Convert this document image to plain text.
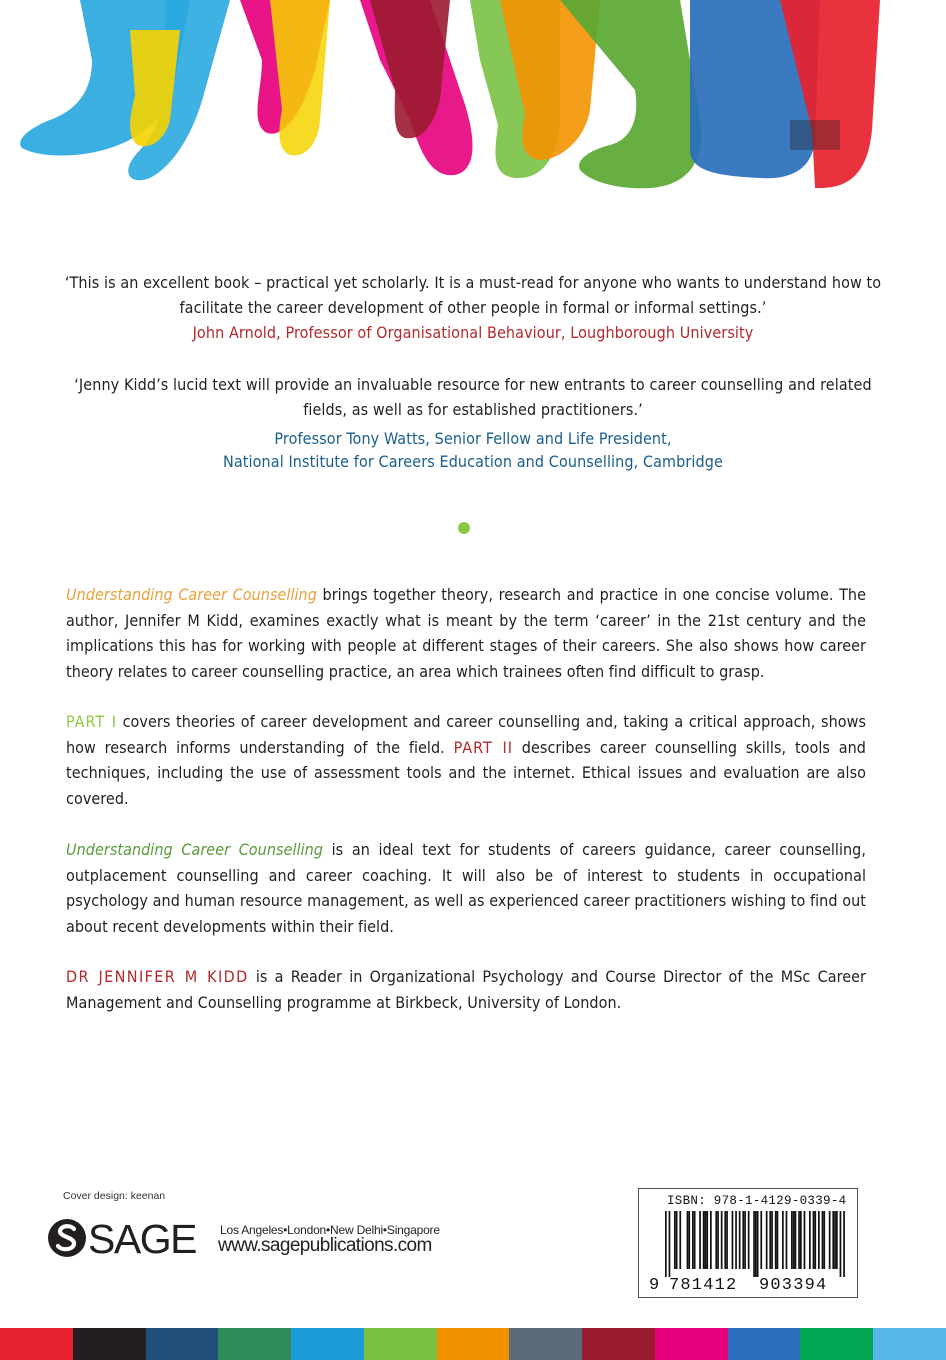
‘This is an excellent book – practical yet scholarly. It is a must-read for anyone who wants to understand how to facilitate the career development of other people in formal or informal settings.’
John Arnold, Professor of Organisational Behaviour, Loughborough University
‘Jenny Kidd’s lucid text will provide an invaluable resource for new entrants to career counselling and related fields, as well as for established practitioners.’
Professor Tony Watts, Senior Fellow and Life President,
National Institute for Careers Education and Counselling, Cambridge
Understanding Career Counselling brings together theory, research and practice in one concise volume. The author, Jennifer M Kidd, examines exactly what is meant by the term ‘career’ in the 21st century and the implications this has for working with people at different stages of their careers. She also shows how career theory relates to career counselling practice, an area which trainees often find difficult to grasp.
PART I covers theories of career development and career counselling and, taking a critical approach, shows how research informs understanding of the field. PART II describes career counselling skills, tools and techniques, including the use of assessment tools and the internet. Ethical issues and evaluation are also covered.
Understanding Career Counselling is an ideal text for students of careers guidance, career counselling, outplacement counselling and career coaching. It will also be of interest to students in occupational psychology and human resource management, as well as experienced career practitioners wishing to find out about recent developments within their field.
DR JENNIFER M KIDD is a Reader in Organizational Psychology and Course Director of the MSc Career Management and Counselling programme at Birkbeck, University of London.
Cover design: keenan
SAGE Los Angeles•London•New Delhi•Singapore
www.sagepublications.com
ISBN: 978-1-4129-0339-4
9 781412 903394
